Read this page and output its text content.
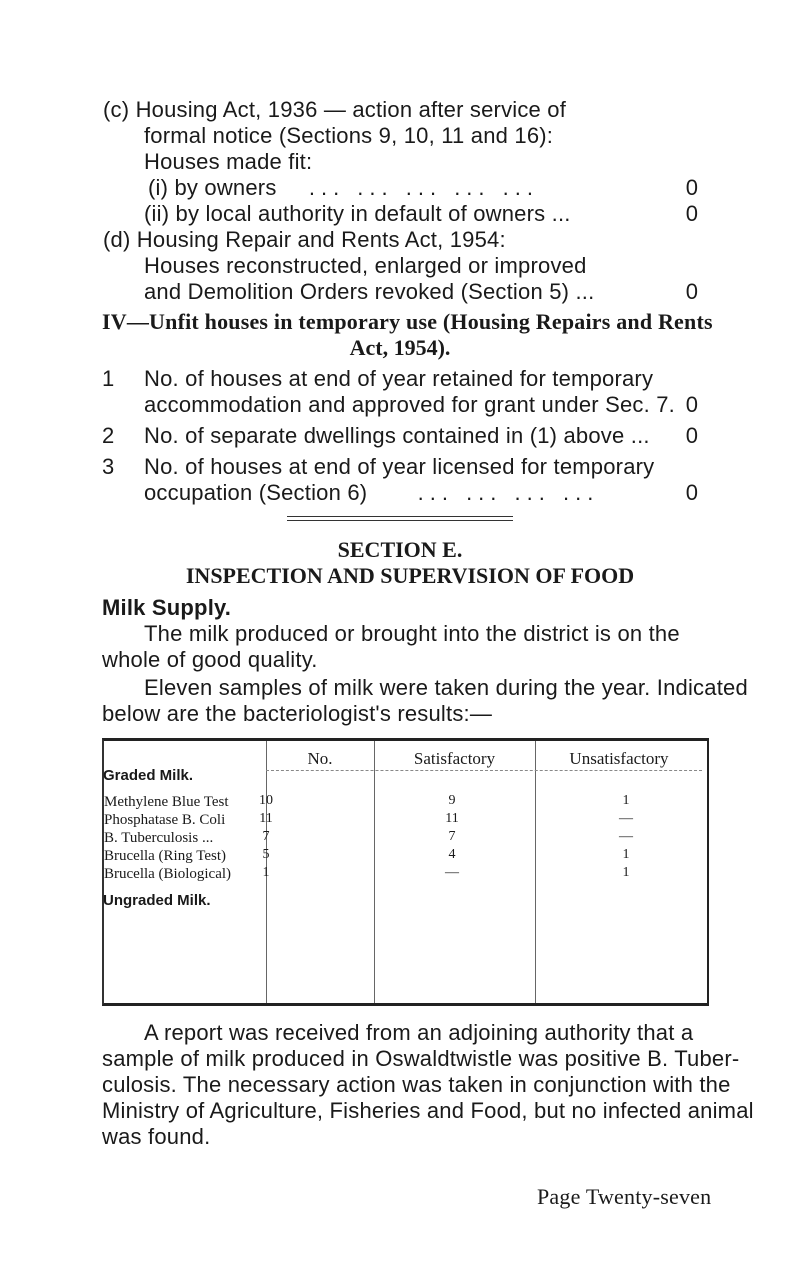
(c) Housing Act, 1936 — action after service of
formal notice (Sections 9, 10, 11 and 16):
Houses made fit:
(i) by owners ... ... ... ... ...	0
(ii) by local authority in default of owners ...	0
(d) Housing Repair and Rents Act, 1954:
Houses reconstructed, enlarged or improved
and Demolition Orders revoked (Section 5) ...	0
IV—Unfit houses in temporary use (Housing Repairs and Rents
Act, 1954).
1 No. of houses at end of year retained for temporary
accommodation and approved for grant under Sec. 7. 0
2 No. of separate dwellings contained in (1) above ...	0
3 No. of houses at end of year licensed for temporary
occupation (Section 6) ... ... ... ...	0
SECTION E.
INSPECTION AND SUPERVISION OF FOOD
Milk Supply.
The milk produced or brought into the district is on the
whole of good quality.
Eleven samples of milk were taken during the year. Indicated
below are the bacteriologist's results:—
No.	Satisfactory	Unsatisfactory
Graded Milk.
Methylene Blue Test	10	9	1
Phosphatase B. Coli	11	11	—
B. Tuberculosis ...	7	7	—
Brucella (Ring Test)	5	4	1
Brucella (Biological)	1	—	1
Ungraded Milk.
A report was received from an adjoining authority that a
sample of milk produced in Oswaldtwistle was positive B. Tuber-
culosis. The necessary action was taken in conjunction with the
Ministry of Agriculture, Fisheries and Food, but no infected animal
was found.
Page Twenty-seven
